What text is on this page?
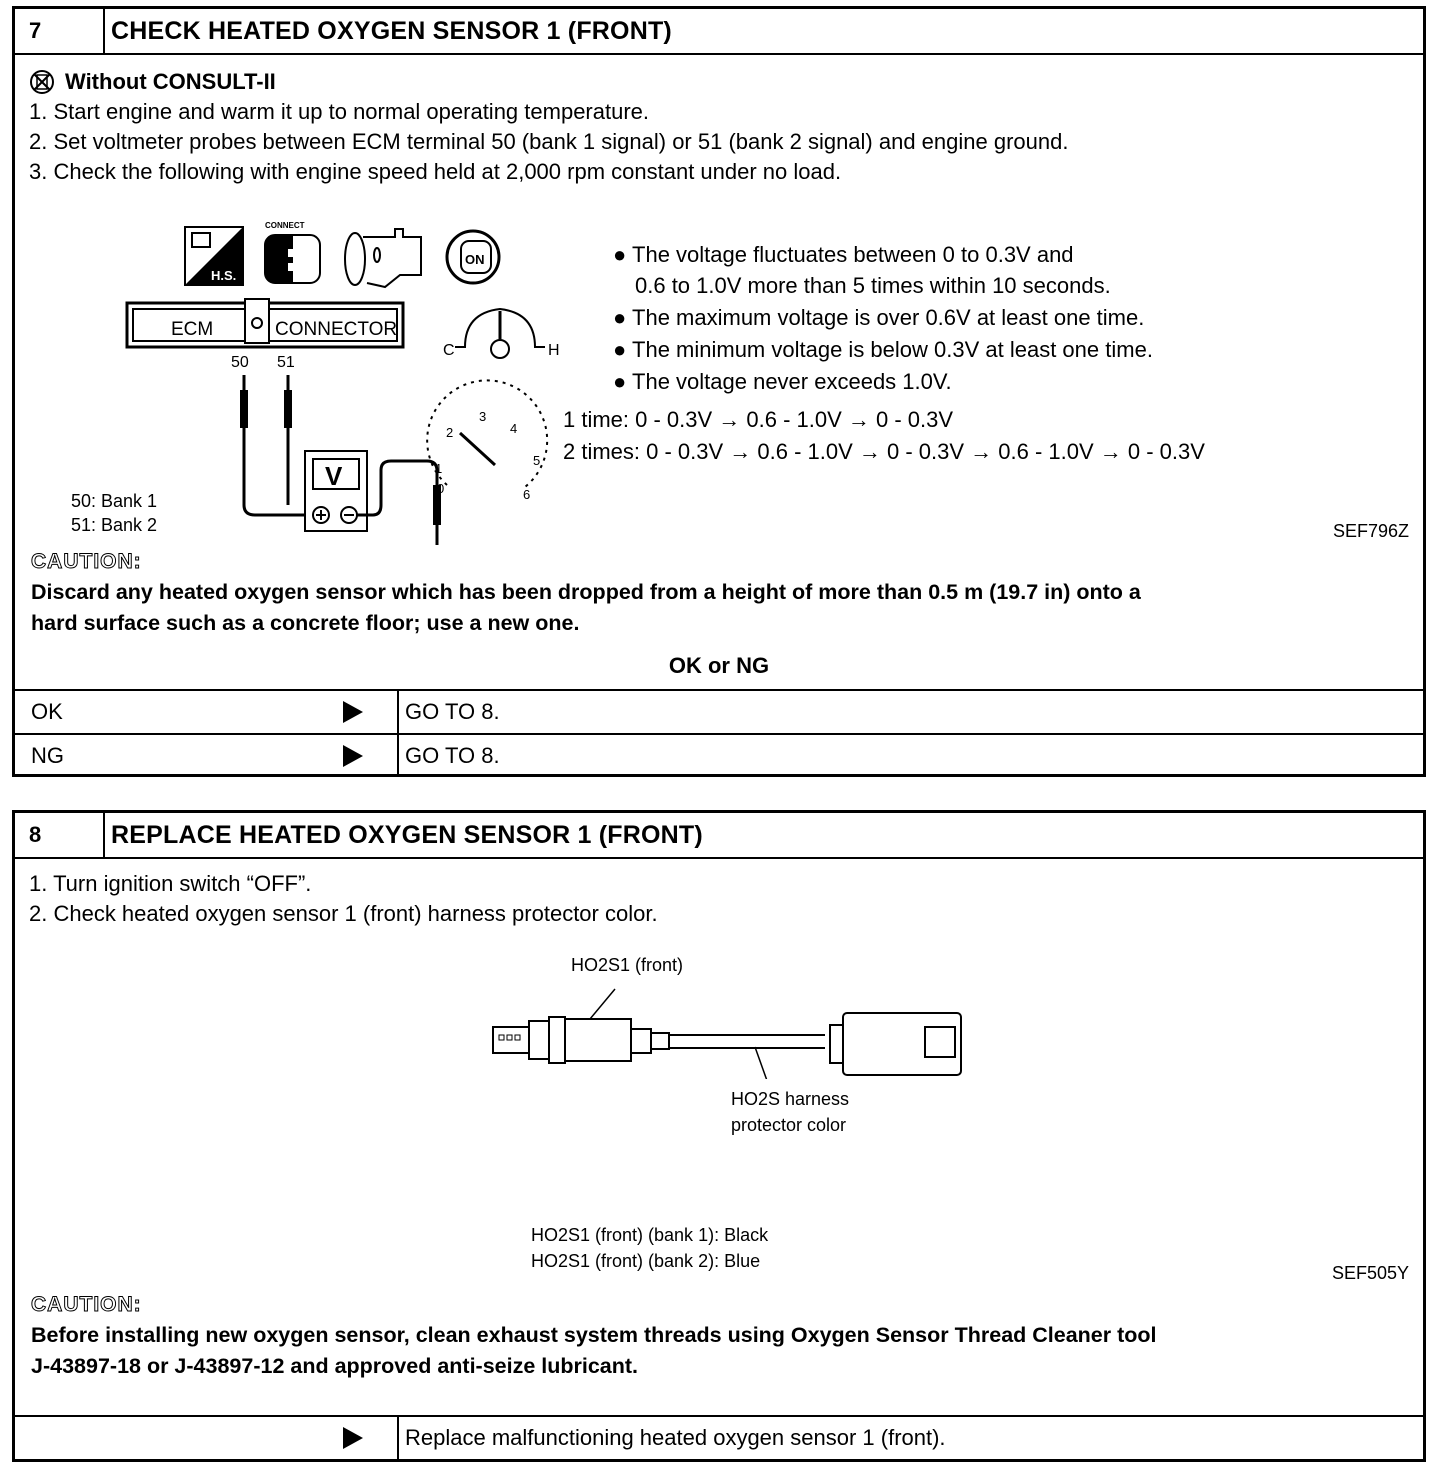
7	CHECK HEATED OXYGEN SENSOR 1 (FRONT)
Without CONSULT-II
1. Start engine and warm it up to normal operating temperature.
2. Set voltmeter probes between ECM terminal 50 (bank 1 signal) or 51 (bank 2 signal) and engine ground.
3. Check the following with engine speed held at 2,000 rpm constant under no load.
H.S.
CONNECT
ON
ECM	CONNECTOR
50 51
V
C	H
0
1
2
3
4
5
6
50: Bank 1
51: Bank 2
● The voltage fluctuates between 0 to 0.3V and
0.6 to 1.0V more than 5 times within 10 seconds.
● The maximum voltage is over 0.6V at least one time.
● The minimum voltage is below 0.3V at least one time.
● The voltage never exceeds 1.0V.
1 time: 0 - 0.3V → 0.6 - 1.0V → 0 - 0.3V
2 times: 0 - 0.3V → 0.6 - 1.0V → 0 - 0.3V → 0.6 - 1.0V → 0 - 0.3V
SEF796Z
CAUTION:
Discard any heated oxygen sensor which has been dropped from a height of more than 0.5 m (19.7 in) onto a
hard surface such as a concrete floor; use a new one.
OK or NG
OK	GO TO 8.
NG	GO TO 8.
8	REPLACE HEATED OXYGEN SENSOR 1 (FRONT)
1. Turn ignition switch “OFF”.
2. Check heated oxygen sensor 1 (front) harness protector color.
HO2S1 (front)
HO2S harness
protector color
HO2S1 (front) (bank 1): Black
HO2S1 (front) (bank 2): Blue
SEF505Y
CAUTION:
Before installing new oxygen sensor, clean exhaust system threads using Oxygen Sensor Thread Cleaner tool
J-43897-18 or J-43897-12 and approved anti-seize lubricant.
Replace malfunctioning heated oxygen sensor 1 (front).
